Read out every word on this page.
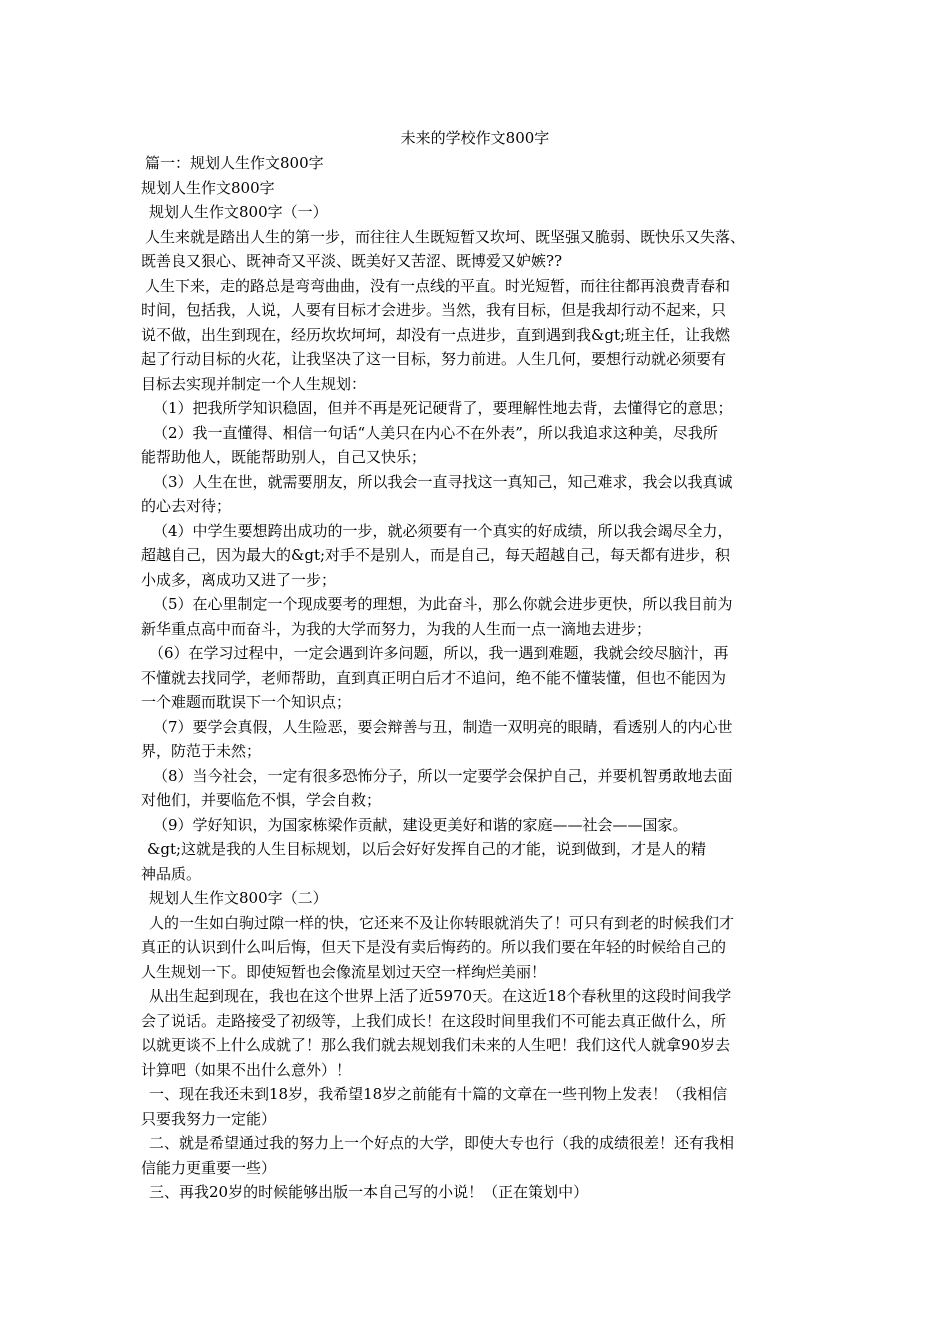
未来的学校作文800字
篇一：规划人生作文800字
规划人生作文800字
规划人生作文800字（一）
人生来就是踏出人生的第一步，而往往人生既短暂又坎坷、既坚强又脆弱、既快乐又失落、
既善良又狠心、既神奇又平淡、既美好又苦涩、既博爱又妒嫉??
人生下来，走的路总是弯弯曲曲，没有一点线的平直。时光短暂，而往往都再浪费青春和
时间，包括我，人说，人要有目标才会进步。当然，我有目标，但是我却行动不起来，只
说不做，出生到现在，经历坎坎坷坷，却没有一点进步，直到遇到我&gt;班主任，让我燃
起了行动目标的火花，让我坚决了这一目标，努力前进。人生几何，要想行动就必须要有
目标去实现并制定一个人生规划：
（1）把我所学知识稳固，但并不再是死记硬背了，要理解性地去背，去懂得它的意思；
（2）我一直懂得、相信一句话“人美只在内心不在外表”，所以我追求这种美，尽我所
能帮助他人，既能帮助别人，自己又快乐；
（3）人生在世，就需要朋友，所以我会一直寻找这一真知己，知己难求，我会以我真诚
的心去对待；
（4）中学生要想跨出成功的一步，就必须要有一个真实的好成绩，所以我会竭尽全力，
超越自己，因为最大的&gt;对手不是别人，而是自己，每天超越自己，每天都有进步，积
小成多，离成功又进了一步；
（5）在心里制定一个现成要考的理想，为此奋斗，那么你就会进步更快，所以我目前为
新华重点高中而奋斗，为我的大学而努力，为我的人生而一点一滴地去进步；
（6）在学习过程中，一定会遇到许多问题，所以，我一遇到难题，我就会绞尽脑汁，再
不懂就去找同学，老师帮助，直到真正明白后才不追问，绝不能不懂装懂，但也不能因为
一个难题而耽误下一个知识点；
（7）要学会真假，人生险恶，要会辩善与丑，制造一双明亮的眼睛，看透别人的内心世
界，防范于未然；
（8）当今社会，一定有很多恐怖分子，所以一定要学会保护自己，并要机智勇敢地去面
对他们，并要临危不惧，学会自救；
（9）学好知识，为国家栋梁作贡献，建设更美好和谐的家庭——社会——国家。
&gt;这就是我的人生目标规划，以后会好好发挥自己的才能，说到做到，才是人的精
神品质。
规划人生作文800字（二）
人的一生如白驹过隙一样的快，它还来不及让你转眼就消失了！可只有到老的时候我们才
真正的认识到什么叫后悔，但天下是没有卖后悔药的。所以我们要在年轻的时候给自己的
人生规划一下。即使短暂也会像流星划过天空一样绚烂美丽！
从出生起到现在，我也在这个世界上活了近5970天。在这近18个春秋里的这段时间我学
会了说话。走路接受了初级等，上我们成长！在这段时间里我们不可能去真正做什么，所
以就更谈不上什么成就了！那么我们就去规划我们未来的人生吧！我们这代人就拿90岁去
计算吧（如果不出什么意外）！
一、现在我还未到18岁，我希望18岁之前能有十篇的文章在一些刊物上发表！（我相信
只要我努力一定能）
二、就是希望通过我的努力上一个好点的大学，即使大专也行（我的成绩很差！还有我相
信能力更重要一些）
三、再我20岁的时候能够出版一本自己写的小说！（正在策划中）
